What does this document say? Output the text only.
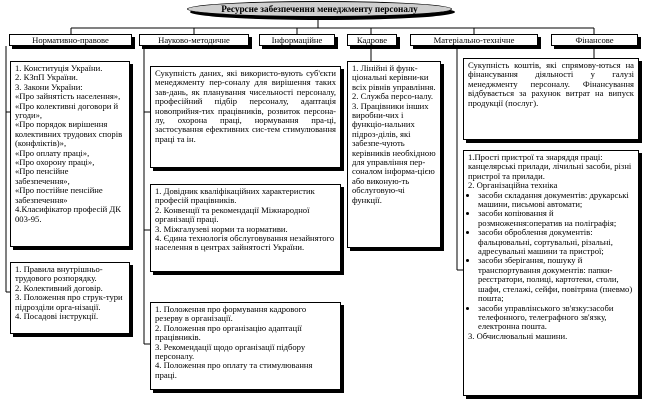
Ресурсне забезпечення менеджменту персоналу
Нормативно-правове	Науково-методичне	Інформаційне	Кадрове	Матеріально-технічне	Фінансове

1. Конституція України.

2. КЗпП України.

3. Закони України:

«Про зайнятість населення»,

«Про колективні договори й угоди»,

«Про порядок вирішення колективних трудових спорів (конфліктів)»,

«Про оплату праці»,

«Про охорону праці»,

«Про пенсійне забезпечення»,

«Про постійне пенсійне забезпечення»

4.Класифікатор професій ДК 003-95.

1. Правила внутрішньо-трудового розпорядку.

2. Колективний договір.

3. Положення про струк-тури підрозділи орга-нізації.

4. Посадові інструкції.

Сукупність даних, які використо-вують суб'єкти менеджменту пер-соналу для вирішення таких зав-дань, як планування чисельності персоналу, професійний підбір персоналу, адаптація новоприйня-тих працівників, розвиток персона-лу, охорона праці, нормування пра-ці, застосування ефективних сис-тем стимулювання праці та ін.

1. Довідник кваліфікаційних характеристик професій працівників.

2. Конвенції та рекомендації Міжнародної організації праці.

3. Міжгалузеві норми та нормативи.

4. Єдина технологія обслуговування незайнятого населення в центрах зайнятості України.

1. Положення про формування кадрового резерву в організації.

2. Положення про організацію адаптації працівників.

3. Рекомендації щодо організації підбору персоналу.

4. Положення про оплату та стимулювання праці.

1. Лінійні й функ-ціональні керівни-ки всіх рівнів управління.

2. Служба персо-налу.

3. Працівники інших виробни-чих і функціо-нальних підроз-ділів, які забезпе-чують керівників необхідною для управління пер-соналом інформа-цією або виконую-ть обслуговую-чі функції.

Сукупність коштів, які спрямову-ються на фінансування діяльності у галузі менеджменту персоналу. Фінансування відбувається за рахунок витрат на випуск продукції (послуг).

1.Прості пристрої та знаряддя праці: канцелярські прилади, лічильні засоби, різні пристрої та прилади.

2. Організаційна техніка

• засоби складання документів: друкарські машини, письмові автомати;
• засоби копіювання й розмноження:оператив на поліграфія;
• засоби оброблення документів: фальцювальні, сортувальні, різальні, адресувальні машини та пристрої;
• засоби зберігання, пошуку й транспортування документів: папки-реєстратори, полиці, картотеки, столи, шафи, стелажі, сейфи, повітряна (пневмо) пошта;
• засоби управлінського зв'язку:засоби телефонного, телеграфного зв'язку, електронна пошта.

3. Обчислювальні машини.
